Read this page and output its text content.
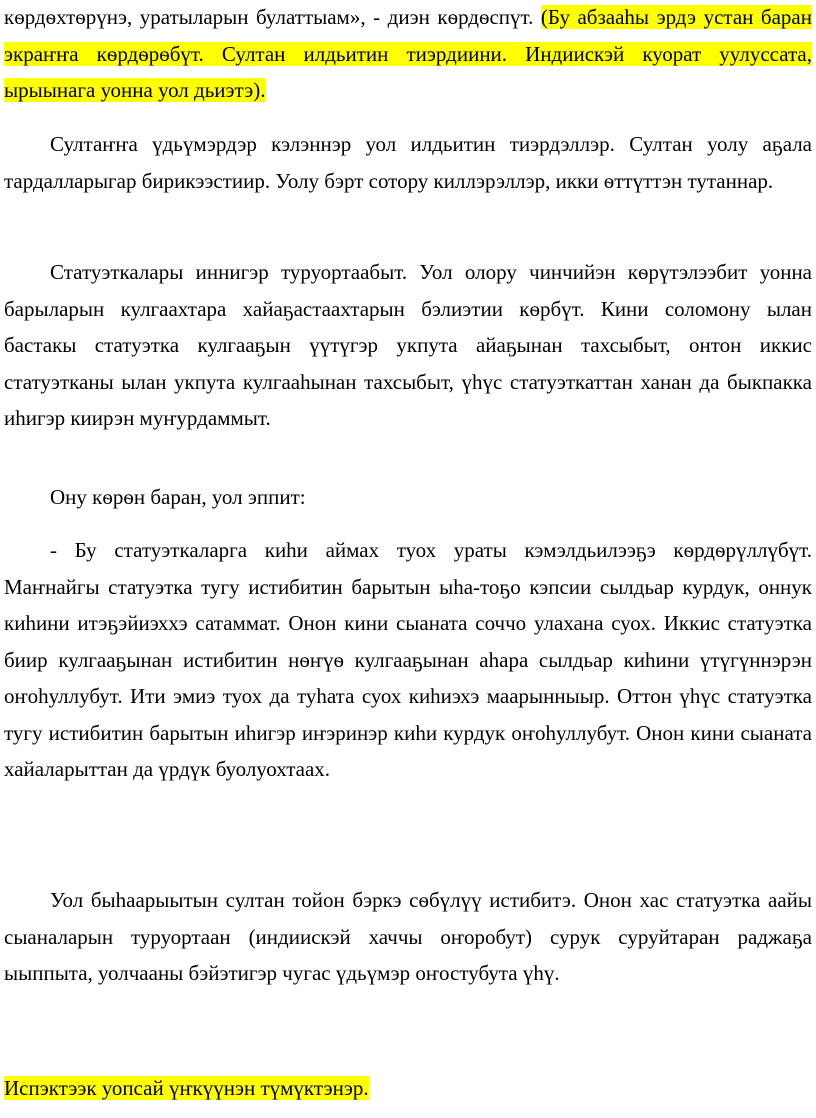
кѳрдѳхтѳрүнэ, уратыларын булаттыам», - диэн кѳрдѳспүт. (Бу абзааһы эрдэ устан баран экраҥҥа кѳрдѳрѳбүт. Султан илдьитин тиэрдиини. Индиискэй куорат уулуссата, ырыынага уонна уол дьиэтэ).

Султаҥҥа үдьүмэрдэр кэлэннэр уол илдьитин тиэрдэллэр. Султан уолу аҕала тардалларыгар бирикээстиир. Уолу бэрт сотору киллэрэллэр, икки ѳттүттэн тутаннар.

Статуэткалары иннигэр туруортаабыт. Уол олору чинчийэн кѳрүтэлээбит уонна барыларын кулгаахтара хайаҕастаахтарын бэлиэтии кѳрбүт. Кини соломону ылан бастакы статуэтка кулгааҕын үүтүгэр укпута айаҕынан тахсыбыт, онтон иккис статуэтканы ылан укпута кулгааһынан тахсыбыт, үһүс статуэткаттан ханан да быкпакка иһигэр киирэн муҥурдаммыт.

Ону кѳрѳн баран, уол эппит:

- Бу статуэткаларга киһи аймах туох ураты кэмэлдьилээҕэ кѳрдѳрүллүбүт. Маҥнайгы статуэтка тугу истибитин барытын ыһа-тоҕо кэпсии сылдьар курдук, оннук киһини итэҕэйиэххэ сатаммат. Онон кини сыаната соччо улахана суох. Иккис статуэтка биир кулгааҕынан истибитин нѳҥүѳ кулгааҕынан аһара сылдьар киһини үтүгүннэрэн оҥоһуллубут. Ити эмиэ туох да туһата суох киһиэхэ маарынныыр. Оттон үһүс статуэтка тугу истибитин барытын иһигэр иҥэринэр киһи курдук оҥоһуллубут. Онон кини сыаната хайаларыттан да үрдүк буолуохтаах.

Уол быһаарыытын султан тойон бэркэ сѳбүлүү истибитэ. Онон хас статуэтка аайы сыаналарын туруортаан (индиискэй хаччы оҥоробут) сурук суруйтаран раджаҕа ыыппыта, уолчааны бэйэтигэр чугас үдьүмэр оҥостубута үһү.

Испэктээк уопсай үҥкүүнэн түмүктэнэр.
